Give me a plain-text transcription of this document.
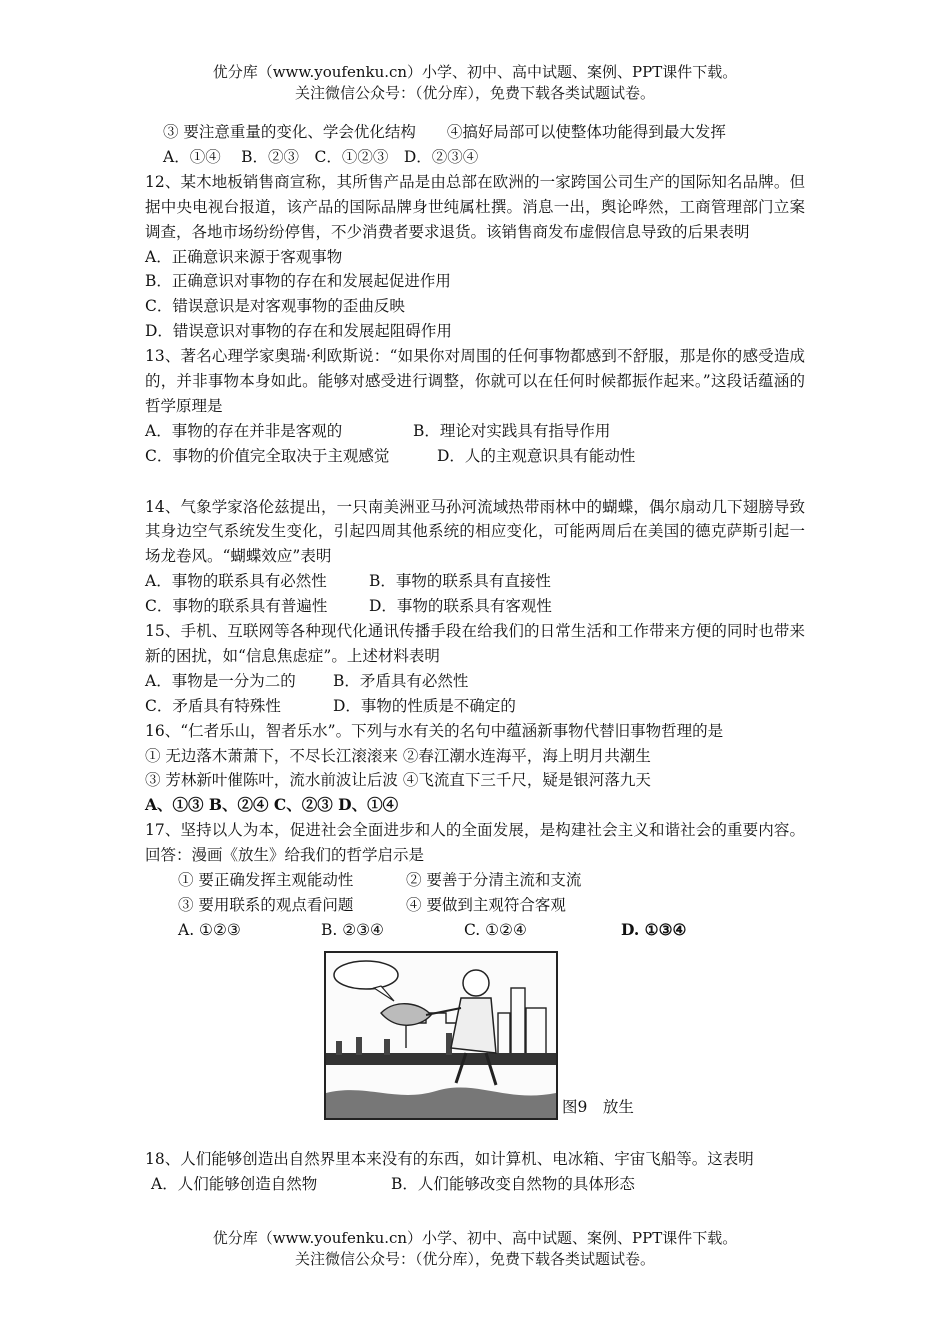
优分库（www.youfenku.cn）小学、初中、高中试题、案例、PPT课件下载。
关注微信公众号：（优分库），免费下载各类试题试卷。
③ 要注意重量的变化、学会优化结构　　④搞好局部可以使整体功能得到最大发挥
A．①④　 B．②③　C．①②③　D．②③④
12、某木地板销售商宣称，其所售产品是由总部在欧洲的一家跨国公司生产的国际知名品牌。但据中央电视台报道，该产品的国际品牌身世纯属杜撰。消息一出，舆论哗然，工商管理部门立案调查，各地市场纷纷停售，不少消费者要求退货。该销售商发布虚假信息导致的后果表明
A．正确意识来源于客观事物
B．正确意识对事物的存在和发展起促进作用
C．错误意识是对客观事物的歪曲反映
D．错误意识对事物的存在和发展起阻碍作用
13、著名心理学家奥瑞·利欧斯说：“如果你对周围的任何事物都感到不舒服，那是你的感受造成的，并非事物本身如此。能够对感受进行调整，你就可以在任何时候都振作起来。”这段话蕴涵的哲学原理是
A．事物的存在并非是客观的	B．理论对实践具有指导作用
C．事物的价值完全取决于主观感觉	D．人的主观意识具有能动性
14、气象学家洛伦兹提出，一只南美洲亚马孙河流域热带雨林中的蝴蝶，偶尔扇动几下翅膀导致其身边空气系统发生变化，引起四周其他系统的相应变化，可能两周后在美国的德克萨斯引起一场龙卷风。“蝴蝶效应”表明
A．事物的联系具有必然性	B．事物的联系具有直接性
C．事物的联系具有普遍性	D．事物的联系具有客观性
15、手机、互联网等各种现代化通讯传播手段在给我们的日常生活和工作带来方便的同时也带来新的困扰，如“信息焦虑症”。上述材料表明
A．事物是一分为二的 B．矛盾具有必然性
C．矛盾具有特殊性	D．事物的性质是不确定的
16、“仁者乐山，智者乐水”。下列与水有关的名句中蕴涵新事物代替旧事物哲理的是
① 无边落木萧萧下，不尽长江滚滚来 ②春江潮水连海平，海上明月共潮生
③ 芳林新叶催陈叶，流水前波让后波 ④飞流直下三千尺，疑是银河落九天
A、①③ B、②④ C、②③ D、①④
17、坚持以人为本，促进社会全面进步和人的全面发展，是构建社会主义和谐社会的重要内容。回答：漫画《放生》给我们的哲学启示是
① 要正确发挥主观能动性	② 要善于分清主流和支流
③ 要用联系的观点看问题	④ 要做到主观符合客观
A. ①②③	B. ②③④	C. ①②④	D. ①③④
图9　放生
18、人们能够创造出自然界里本来没有的东西，如计算机、电冰箱、宇宙飞船等。这表明
A．人们能够创造自然物	B．人们能够改变自然物的具体形态
优分库（www.youfenku.cn）小学、初中、高中试题、案例、PPT课件下载。
关注微信公众号：（优分库），免费下载各类试题试卷。
